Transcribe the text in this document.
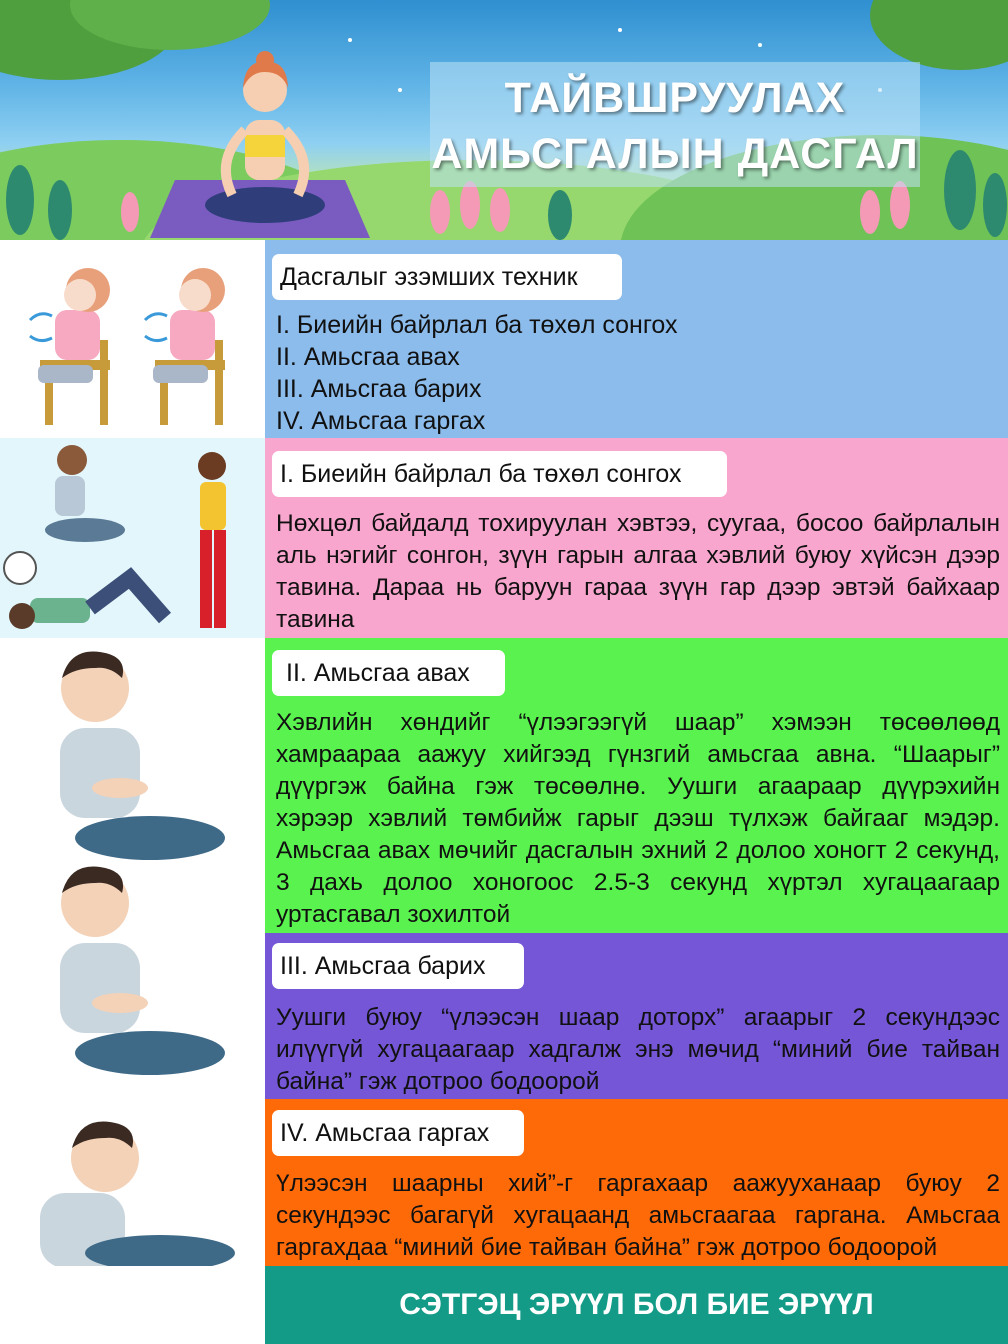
ТАЙВШРУУЛАХ
АМЬСГАЛЫН ДАСГАЛ
Дасгалыг эзэмших техник
I. Биеийн байрлал ба төхөл сонгох
II. Амьсгаа авах
III. Амьсгаа барих
IV. Амьсгаа гаргах
I. Биеийн байрлал ба төхөл сонгох
Нөхцөл байдалд тохируулан хэвтээ, суугаа, босоо байрлалын аль нэгийг сонгон, зүүн гарын алгаа хэвлий буюу хүйсэн дээр тавина. Дараа нь баруун гараа зүүн гар дээр эвтэй байхаар тавина
II. Амьсгаа авах
Хэвлийн хөндийг “үлээгээгүй шаар” хэмээн төсөөлөөд хамраараа аажуу хийгээд гүнзгий амьсгаа авна. “Шаарыг” дүүргэж байна гэж төсөөлнө. Уушги агаараар дүүрэхийн хэрээр хэвлий төмбийж гарыг дээш түлхэж байгааг мэдэр. Амьсгаа авах мөчийг дасгалын эхний 2 долоо хоногт 2 секунд, 3 дахь долоо хоногоос 2.5-3 секунд хүртэл хугацаагаар уртасгавал зохилтой
III. Амьсгаа барих
Уушги буюу “үлээсэн шаар доторх” агаарыг 2 секундээс илүүгүй хугацаагаар хадгалж энэ мөчид “миний бие тайван байна” гэж дотроо бодоорой
IV. Амьсгаа гаргах
Үлээсэн шаарны хий”-г гаргахаар аажууханаар буюу 2 секундээс багагүй хугацаанд амьсгаагаа гаргана. Амьсгаа гаргахдаа “миний бие тайван байна” гэж дотроо бодоорой
СЭТГЭЦ ЭРҮҮЛ БОЛ БИЕ ЭРҮҮЛ
